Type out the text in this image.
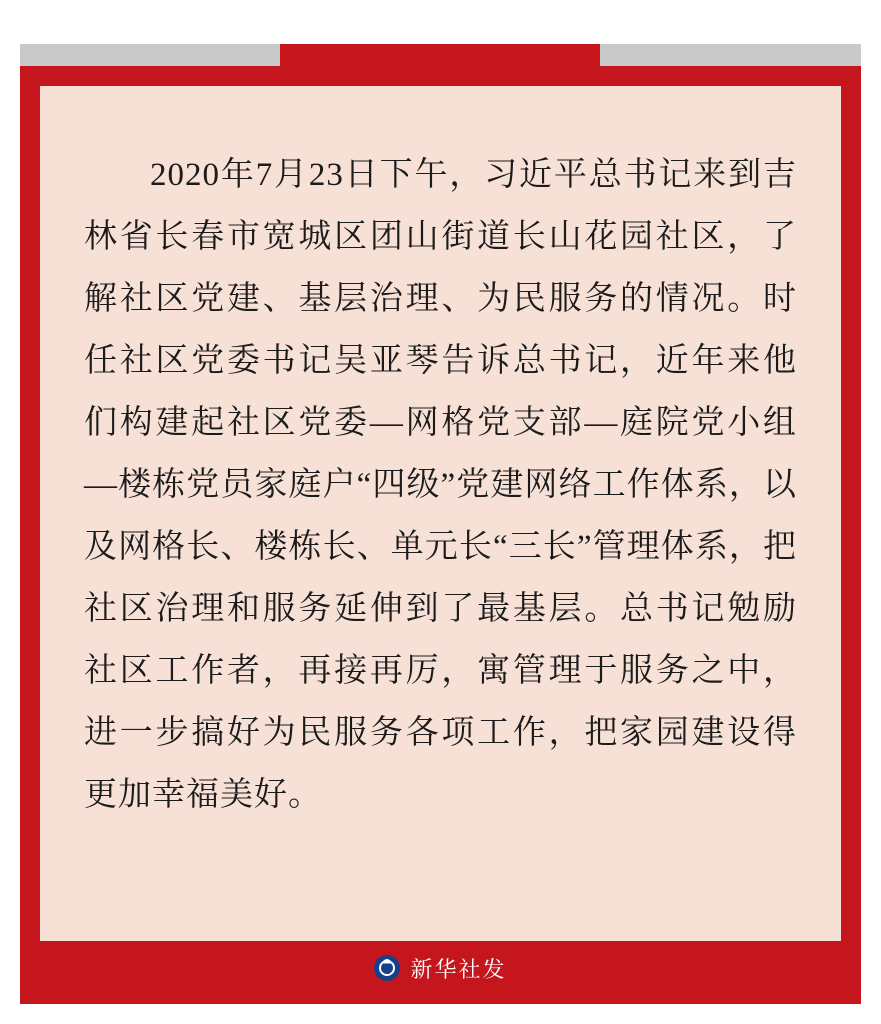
2020年7月23日下午，习近平总书记来到吉林省长春市宽城区团山街道长山花园社区，了解社区党建、基层治理、为民服务的情况。时任社区党委书记吴亚琴告诉总书记，近年来他们构建起社区党委—网格党支部—庭院党小组—楼栋党员家庭户“四级”党建网络工作体系，以及网格长、楼栋长、单元长“三长”管理体系，把社区治理和服务延伸到了最基层。总书记勉励社区工作者，再接再厉，寓管理于服务之中，进一步搞好为民服务各项工作，把家园建设得更加幸福美好。

新华社发
